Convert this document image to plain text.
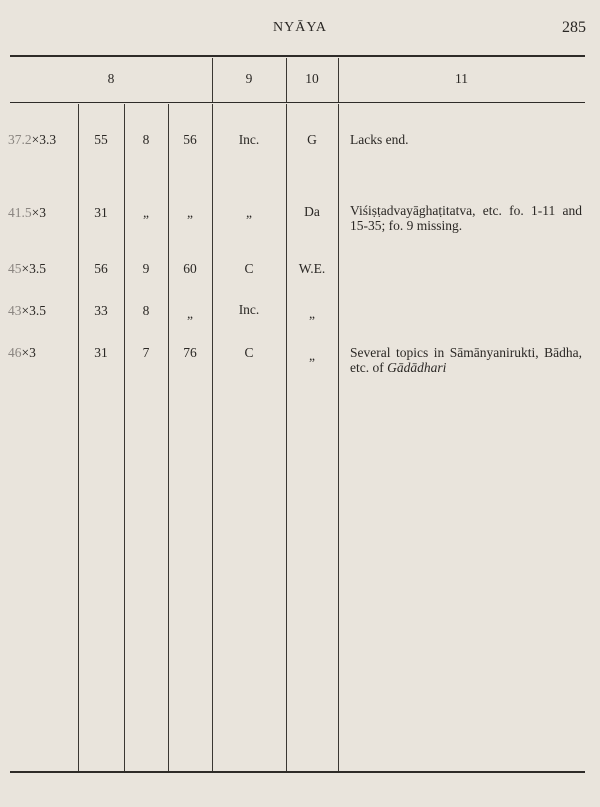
NYĀYA	285
8	9	10	11
37.2×3.3	55	8	56	Inc.	G	Lacks end.
41.5×3	31	„	„	„	Da	Viśiṣṭadvayāghaṭitatva, etc. fo. 1-11 and 15-35; fo. 9 missing.
45×3.5	56	9	60	C	W.E.
43×3.5	33	8	„	Inc.	„
46×3	31	7	76	C	„	Several topics in Sāmānyanirukti, Bādha, etc. of Gādādhari
